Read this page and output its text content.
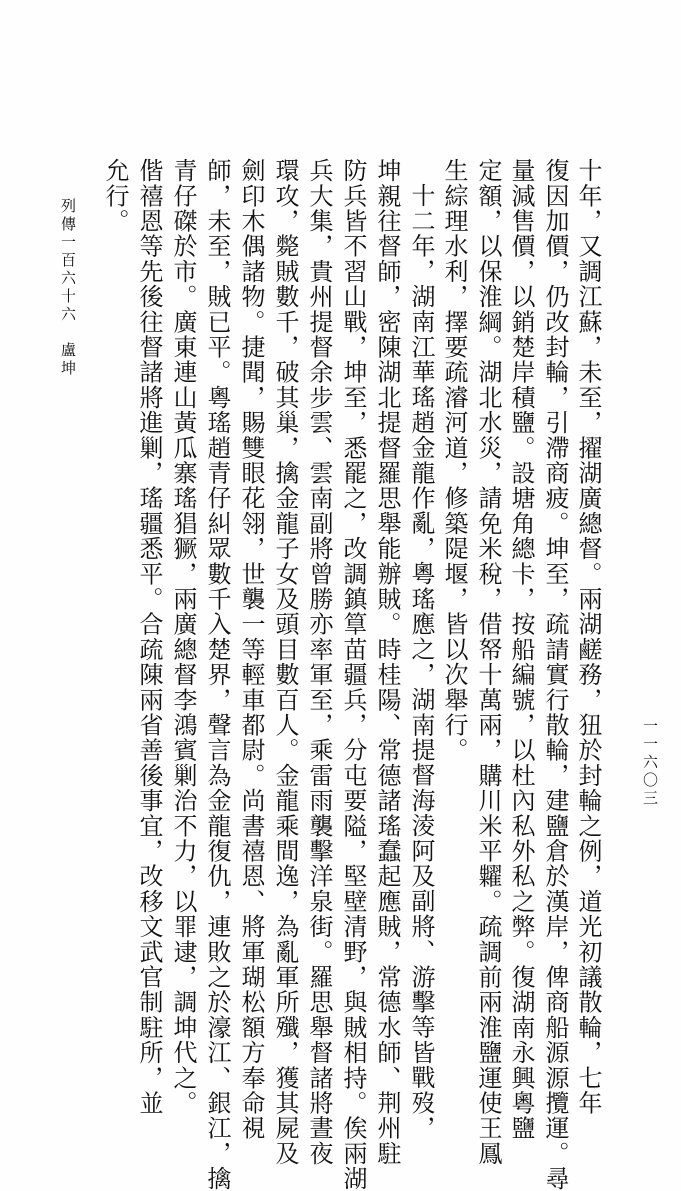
十年，又調江蘇，未至，擢湖廣總督。兩湖鹺務，狃於封輪之例，道光初議散輪，七年
復因加價，仍改封輪，引滯商疲。坤至，疏請實行散輪，建鹽倉於漢岸，俾商船源源攬運。尋
量減售價，以銷楚岸積鹽。設塘角總卡，按船編號，以杜內私外私之弊。復湖南永興粵鹽
定額，以保淮綱。湖北水災，請免米稅，借帑十萬兩，購川米平糶。疏調前兩淮鹽運使王鳳
生綜理水利，擇要疏濬河道，修築隄堰，皆以次舉行。
十二年，湖南江華瑤趙金龍作亂，粵瑤應之，湖南提督海淩阿及副將、游擊等皆戰歿，
坤親往督師，密陳湖北提督羅思舉能辦賊。時桂陽、常德諸瑤蠢起應賊，常德水師、荆州駐
防兵皆不習山戰，坤至，悉罷之，改調鎮筸苗疆兵，分屯要隘，堅壁清野，與賊相持。俟兩湖
兵大集，貴州提督余步雲、雲南副將曾勝亦率軍至，乘雷雨襲擊洋泉街。羅思舉督諸將晝夜
環攻，斃賊數千，破其巢，擒金龍子女及頭目數百人。金龍乘間逸，為亂軍所殲，獲其屍及
劍印木偶諸物。捷聞，賜雙眼花翎，世襲一等輕車都尉。尚書禧恩、將軍瑚松額方奉命視
師，未至，賊已平。粵瑤趙青仔糾眾數千入楚界，聲言為金龍復仇，連敗之於濠江、銀江，擒
青仔磔於市。廣東連山黃瓜寨瑤猖獗，兩廣總督李鴻賓剿治不力，以罪逮，調坤代之。
偕禧恩等先後往督諸將進剿，瑤疆悉平。合疏陳兩省善後事宜，改移文武官制駐所，並
允行。
列傳一百六十六　盧坤
一一六〇三
